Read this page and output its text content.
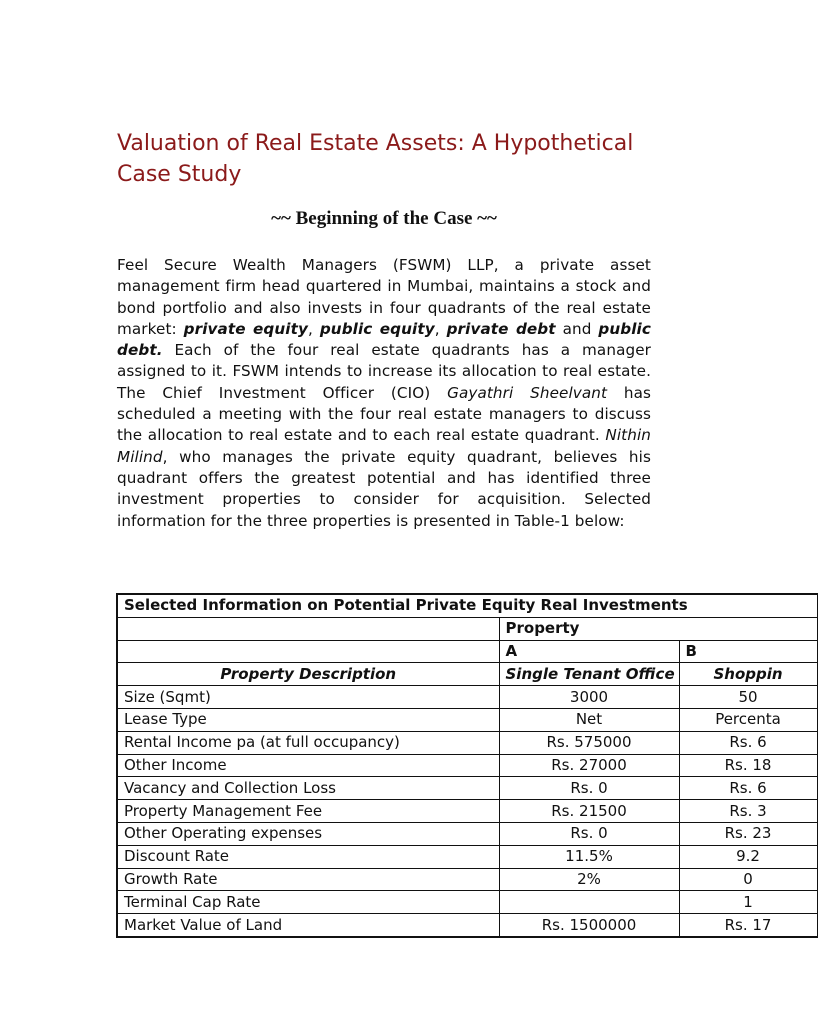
Valuation of Real Estate Assets: A Hypothetical Case Study
~~ Beginning of the Case ~~

Feel Secure Wealth Managers (FSWM) LLP, a private asset management firm head quartered in Mumbai, maintains a stock and bond portfolio and also invests in four quadrants of the real estate market: private equity, public equity, private debt and public debt. Each of the four real estate quadrants has a manager assigned to it. FSWM intends to increase its allocation to real estate. The Chief Investment Officer (CIO) Gayathri Sheelvant has scheduled a meeting with the four real estate managers to discuss the allocation to real estate and to each real estate quadrant. Nithin Milind, who manages the private equity quadrant, believes his quadrant offers the greatest potential and has identified three investment properties to consider for acquisition. Selected information for the three properties is presented in Table-1 below:

Selected Information on Potential Private Equity Real Investments		
	Property	
	A	B
Property Description	Single Tenant Office	Shoppin
Size (Sqmt)	3000	50
Lease Type	Net	Percenta
Rental Income pa (at full occupancy)	Rs. 575000	Rs. 6
Other Income	Rs. 27000	Rs. 18
Vacancy and Collection Loss	Rs. 0	Rs. 6
Property Management Fee	Rs. 21500	Rs. 3
Other Operating expenses	Rs. 0	Rs. 23
Discount Rate	11.5%	9.2
Growth Rate	2%	0
Terminal Cap Rate		1
Market Value of Land	Rs. 1500000	Rs. 17
